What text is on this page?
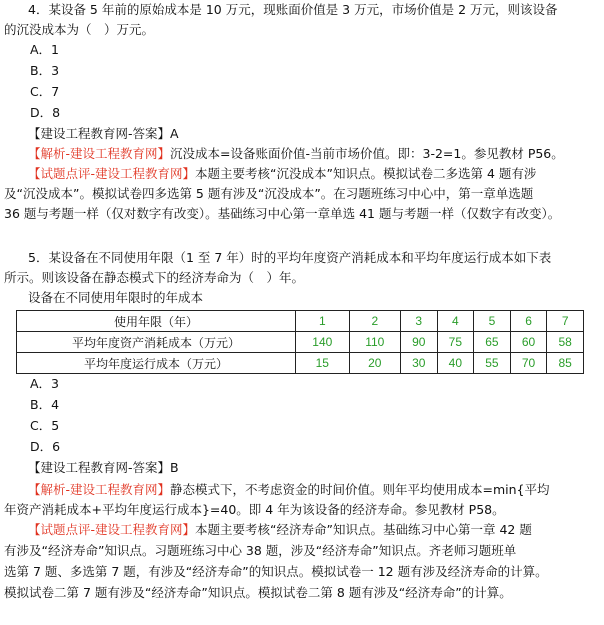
4．某设备 5 年前的原始成本是 10 万元，现账面价值是 3 万元，市场价值是 2 万元，则该设备
的沉没成本为（　）万元。
A．1
B．3
C．7
D．8
【建设工程教育网-答案】A
【解析-建设工程教育网】沉没成本=设备账面价值-当前市场价值。即：3-2=1。参见教材 P56。
【试题点评-建设工程教育网】本题主要考核“沉没成本”知识点。模拟试卷二多选第 4 题有涉
及“沉没成本”。模拟试卷四多选第 5 题有涉及“沉没成本”。在习题班练习中心中，第一章单选题
36 题与考题一样（仅对数字有改变）。基础练习中心第一章单选 41 题与考题一样（仅数字有改变）。
5．某设备在不同使用年限（1 至 7 年）时的平均年度资产消耗成本和平均年度运行成本如下表
所示。则该设备在静态模式下的经济寿命为（　）年。
设备在不同使用年限时的年成本
使用年限（年）	1	2	3	4	5	6	7
平均年度资产消耗成本（万元）	140	110	90	75	65	60	58
平均年度运行成本（万元）	15	20	30	40	55	70	85
A．3
B．4
C．5
D．6
【建设工程教育网-答案】B
【解析-建设工程教育网】静态模式下，不考虑资金的时间价值。则年平均使用成本=min{平均
年资产消耗成本+平均年度运行成本}=40。即 4 年为该设备的经济寿命。参见教材 P58。
【试题点评-建设工程教育网】本题主要考核“经济寿命”知识点。基础练习中心第一章 42 题
有涉及“经济寿命”知识点。习题班练习中心 38 题，涉及“经济寿命”知识点。齐老师习题班单
选第 7 题、多选第 7 题，有涉及“经济寿命”的知识点。模拟试卷一 12 题有涉及经济寿命的计算。
模拟试卷二第 7 题有涉及“经济寿命”知识点。模拟试卷二第 8 题有涉及“经济寿命”的计算。
